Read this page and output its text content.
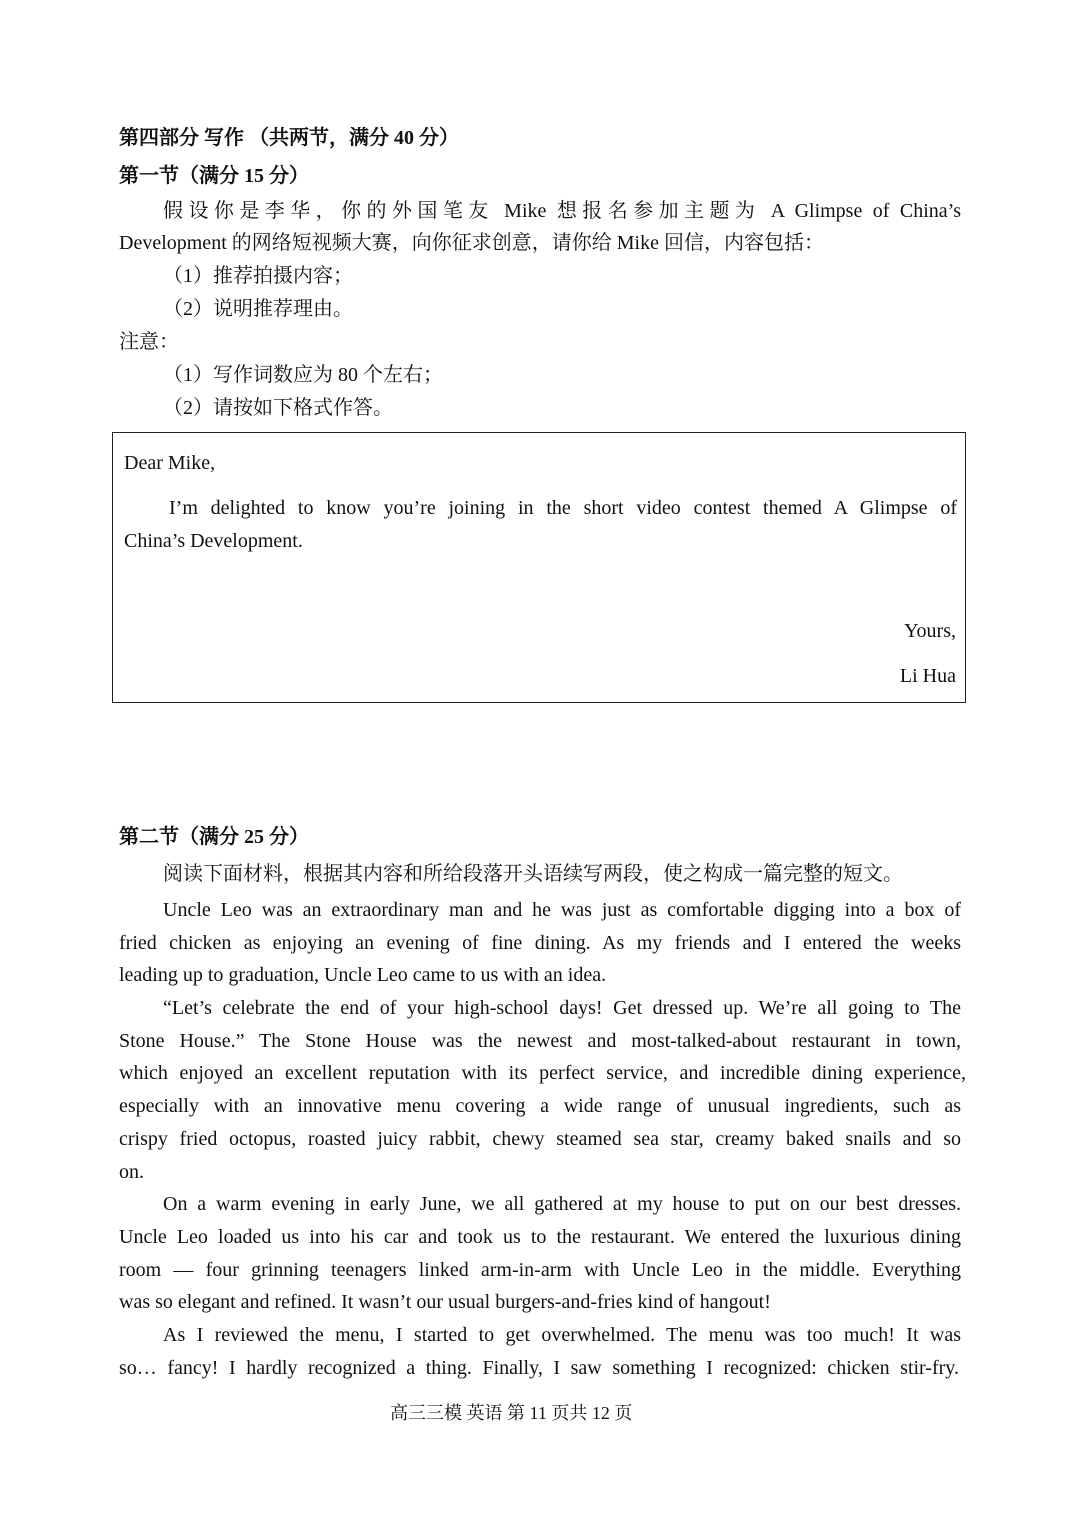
第四部分 写作 （共两节，满分 40 分）
第一节（满分 15 分）
假设你是李华，你的外国笔友 Mike 想报名参加主题为 A Glimpse of China’s
Development 的网络短视频大赛，向你征求创意，请你给 Mike 回信，内容包括：
（1）推荐拍摄内容；
（2）说明推荐理由。
注意：
（1）写作词数应为 80 个左右；
（2）请按如下格式作答。
Dear Mike,
I’m delighted to know you’re joining in the short video contest themed A Glimpse of
China’s Development.
Yours,
Li Hua
第二节（满分 25 分）
阅读下面材料，根据其内容和所给段落开头语续写两段，使之构成一篇完整的短文。
Uncle Leo was an extraordinary man and he was just as comfortable digging into a box of
fried chicken as enjoying an evening of fine dining. As my friends and I entered the weeks
leading up to graduation, Uncle Leo came to us with an idea.
“Let’s celebrate the end of your high-school days! Get dressed up. We’re all going to The
Stone House.” The Stone House was the newest and most-talked-about restaurant in town,
which enjoyed an excellent reputation with its perfect service, and incredible dining experience,
especially with an innovative menu covering a wide range of unusual ingredients, such as
crispy fried octopus, roasted juicy rabbit, chewy steamed sea star, creamy baked snails and so
on.
On a warm evening in early June, we all gathered at my house to put on our best dresses.
Uncle Leo loaded us into his car and took us to the restaurant. We entered the luxurious dining
room — four grinning teenagers linked arm-in-arm with Uncle Leo in the middle. Everything
was so elegant and refined. It wasn’t our usual burgers-and-fries kind of hangout!
As I reviewed the menu, I started to get overwhelmed. The menu was too much! It was
so… fancy! I hardly recognized a thing. Finally, I saw something I recognized: chicken stir-fry.
高三三模 英语 第 11 页共 12 页
